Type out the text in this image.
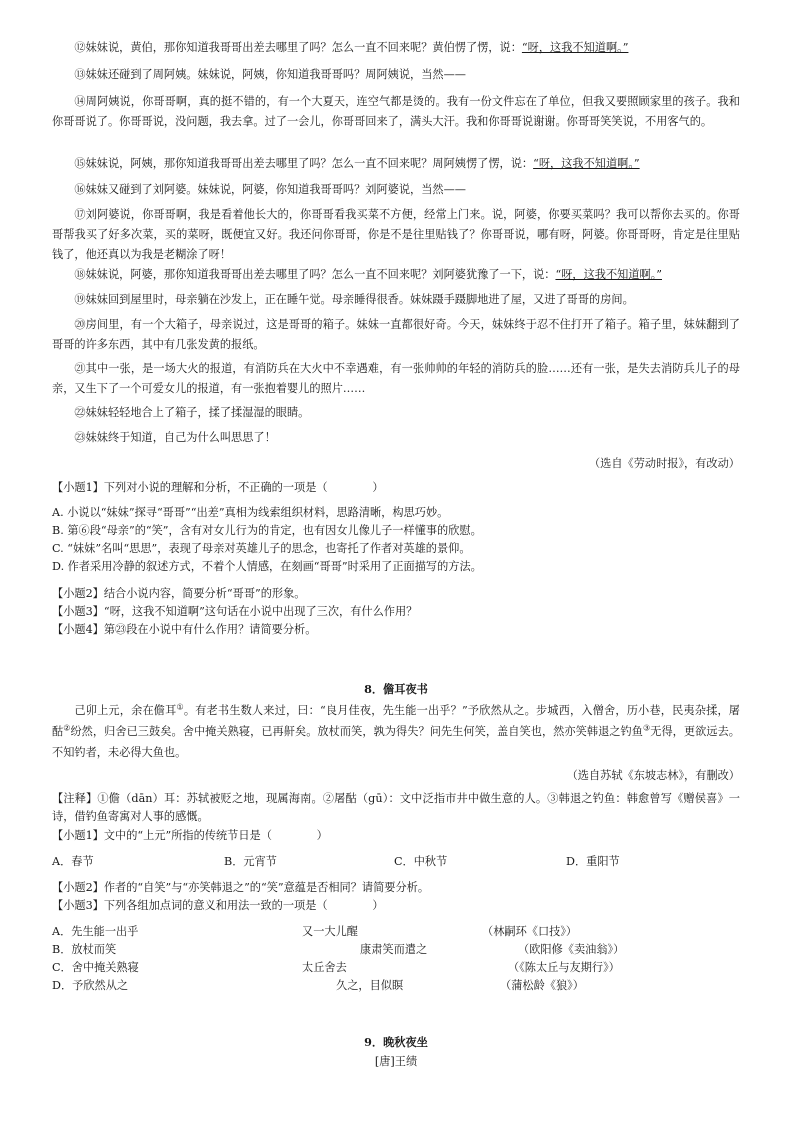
⑫妹妹说，黄伯，那你知道我哥哥出差去哪里了吗？怎么一直不回来呢？黄伯愣了愣，说：“呀，这我不知道啊。”
⑬妹妹还碰到了周阿姨。妹妹说，阿姨，你知道我哥哥吗？周阿姨说，当然——
⑭周阿姨说，你哥哥啊，真的挺不错的，有一个大夏天，连空气都是烫的。我有一份文件忘在了单位，但我又要照顾家里的孩子。我和你哥哥说了。你哥哥说，没问题，我去拿。过了一会儿，你哥哥回来了，满头大汗。我和你哥哥说谢谢。你哥哥笑笑说，不用客气的。
⑮妹妹说，阿姨，那你知道我哥哥出差去哪里了吗？怎么一直不回来呢？周阿姨愣了愣，说：“呀，这我不知道啊。”
⑯妹妹又碰到了刘阿婆。妹妹说，阿婆，你知道我哥哥吗？刘阿婆说，当然——
⑰刘阿婆说，你哥哥啊，我是看着他长大的，你哥哥看我买菜不方便，经常上门来。说，阿婆，你要买菜吗？我可以帮你去买的。你哥哥帮我买了好多次菜，买的菜呀，既便宜又好。我还问你哥哥，你是不是往里贴钱了？你哥哥说，哪有呀，阿婆。你哥哥呀，肯定是往里贴钱了，他还真以为我是老糊涂了呀！
⑱妹妹说，阿婆，那你知道我哥哥出差去哪里了吗？怎么一直不回来呢？刘阿婆犹豫了一下，说：“呀，这我不知道啊。”
⑲妹妹回到屋里时，母亲躺在沙发上，正在睡午觉。母亲睡得很香。妹妹蹑手蹑脚地进了屋，又进了哥哥的房间。
⑳房间里，有一个大箱子，母亲说过，这是哥哥的箱子。妹妹一直都很好奇。今天，妹妹终于忍不住打开了箱子。箱子里，妹妹翻到了哥哥的许多东西，其中有几张发黄的报纸。
㉑其中一张，是一场大火的报道，有消防兵在大火中不幸遇难，有一张帅帅的年轻的消防兵的脸……还有一张，是失去消防兵儿子的母亲，又生下了一个可爱女儿的报道，有一张抱着婴儿的照片……
㉒妹妹轻轻地合上了箱子，揉了揉湿湿的眼睛。
㉓妹妹终于知道，自己为什么叫思思了！
（选自《劳动时报》，有改动）
【小题1】下列对小说的理解和分析，不正确的一项是（　　　　）
A. 小说以“妹妹”探寻“哥哥”“出差”真相为线索组织材料，思路清晰，构思巧妙。
B. 第⑥段“母亲”的“笑”，含有对女儿行为的肯定，也有因女儿像儿子一样懂事的欣慰。
C. “妹妹”名叫“思思”，表现了母亲对英雄儿子的思念，也寄托了作者对英雄的景仰。
D. 作者采用冷静的叙述方式，不着个人情感，在刻画“哥哥”时采用了正面描写的方法。
【小题2】结合小说内容，简要分析“哥哥”的形象。
【小题3】“呀，这我不知道啊”这句话在小说中出现了三次，有什么作用？
【小题4】第㉓段在小说中有什么作用？请简要分析。
8．儋耳夜书
己卯上元，余在儋耳①。有老书生数人来过，曰：“良月佳夜，先生能一出乎？”予欣然从之。步城西，入僧舍，历小巷，民夷杂揉，屠酤②纷然，归舍已三鼓矣。舍中掩关熟寝，已再鼾矣。放杖而笑，孰为得失？问先生何笑，盖自笑也，然亦笑韩退之钓鱼③无得，更欲远去。不知钓者，未必得大鱼也。
（选自苏轼《东坡志林》，有删改）
【注释】①儋（dān）耳：苏轼被贬之地，现属海南。②屠酤（gū）：文中泛指市井中做生意的人。③韩退之钓鱼：韩愈曾写《赠侯喜》一诗，借钓鱼寄寓对人事的感慨。
【小题1】文中的“上元”所指的传统节日是（　　　　）
A．春节	B．元宵节	C．中秋节	D．重阳节
【小题2】作者的“自笑”与“亦笑韩退之”的“笑”意蕴是否相同？请简要分析。
【小题3】下列各组加点词的意义和用法一致的一项是（　　　　）
A．先生能一出乎	又一大儿醒	（林嗣环《口技》）
B．放杖而笑	康肃笑而遣之	（欧阳修《卖油翁》）
C．舍中掩关熟寝	太丘舍去	（《陈太丘与友期行》）
D．予欣然从之	久之，目似瞑	（蒲松龄《狼》）
9．晚秋夜坐
[唐]王绩
